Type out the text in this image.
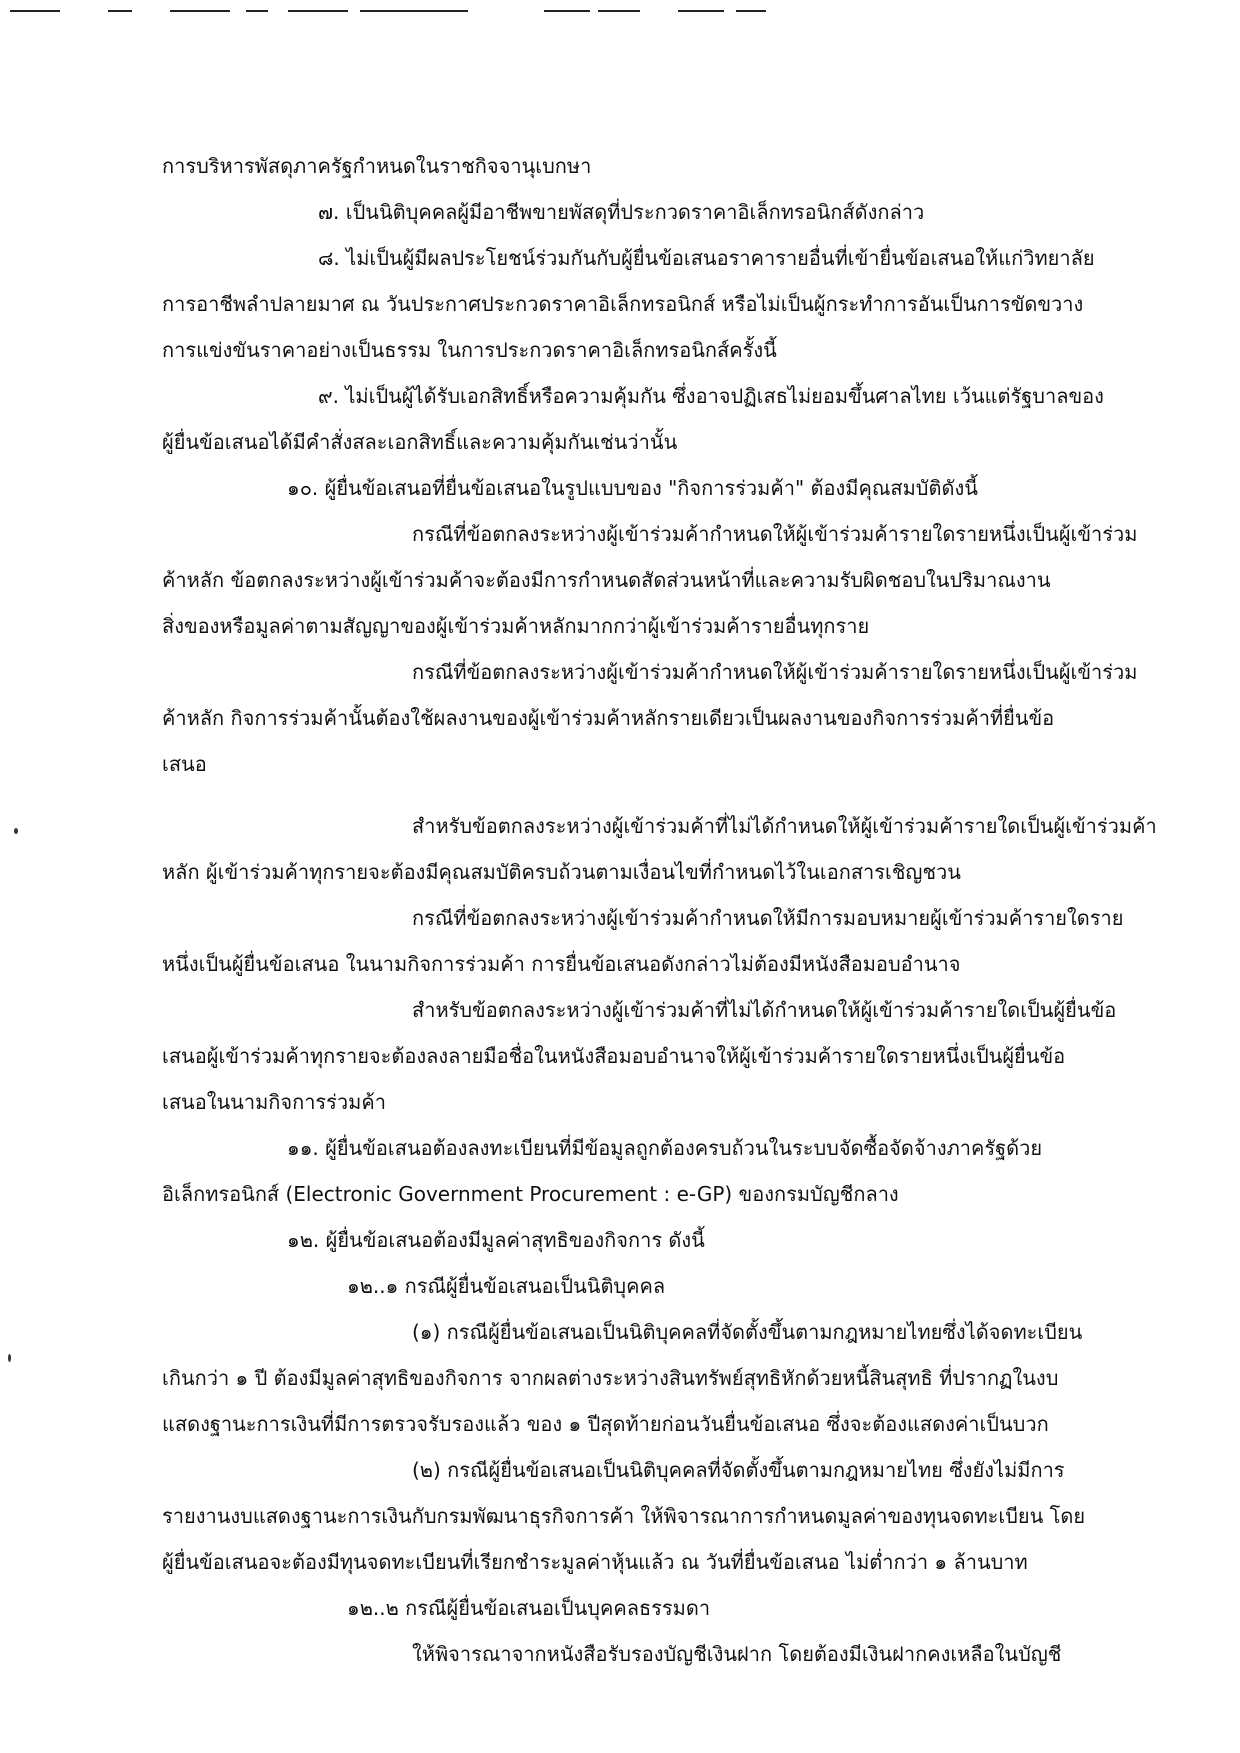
การบริหารพัสดุภาครัฐกำหนดในราชกิจจานุเบกษา
๗. เป็นนิติบุคคลผู้มีอาชีพขายพัสดุที่ประกวดราคาอิเล็กทรอนิกส์ดังกล่าว
๘. ไม่เป็นผู้มีผลประโยชน์ร่วมกันกับผู้ยื่นข้อเสนอราคารายอื่นที่เข้ายื่นข้อเสนอให้แก่วิทยาลัย
การอาชีพลำปลายมาศ ณ วันประกาศประกวดราคาอิเล็กทรอนิกส์ หรือไม่เป็นผู้กระทำการอันเป็นการขัดขวาง
การแข่งขันราคาอย่างเป็นธรรม ในการประกวดราคาอิเล็กทรอนิกส์ครั้งนี้
๙. ไม่เป็นผู้ได้รับเอกสิทธิ์หรือความคุ้มกัน ซึ่งอาจปฏิเสธไม่ยอมขึ้นศาลไทย เว้นแต่รัฐบาลของ
ผู้ยื่นข้อเสนอได้มีคำสั่งสละเอกสิทธิ์และความคุ้มกันเช่นว่านั้น
๑๐. ผู้ยื่นข้อเสนอที่ยื่นข้อเสนอในรูปแบบของ "กิจการร่วมค้า" ต้องมีคุณสมบัติดังนี้
กรณีที่ข้อตกลงระหว่างผู้เข้าร่วมค้ากำหนดให้ผู้เข้าร่วมค้ารายใดรายหนึ่งเป็นผู้เข้าร่วม
ค้าหลัก ข้อตกลงระหว่างผู้เข้าร่วมค้าจะต้องมีการกำหนดสัดส่วนหน้าที่และความรับผิดชอบในปริมาณงาน
สิ่งของหรือมูลค่าตามสัญญาของผู้เข้าร่วมค้าหลักมากกว่าผู้เข้าร่วมค้ารายอื่นทุกราย
กรณีที่ข้อตกลงระหว่างผู้เข้าร่วมค้ากำหนดให้ผู้เข้าร่วมค้ารายใดรายหนึ่งเป็นผู้เข้าร่วม
ค้าหลัก กิจการร่วมค้านั้นต้องใช้ผลงานของผู้เข้าร่วมค้าหลักรายเดียวเป็นผลงานของกิจการร่วมค้าที่ยื่นข้อ
เสนอ
สำหรับข้อตกลงระหว่างผู้เข้าร่วมค้าที่ไม่ได้กำหนดให้ผู้เข้าร่วมค้ารายใดเป็นผู้เข้าร่วมค้า
หลัก ผู้เข้าร่วมค้าทุกรายจะต้องมีคุณสมบัติครบถ้วนตามเงื่อนไขที่กำหนดไว้ในเอกสารเชิญชวน
กรณีที่ข้อตกลงระหว่างผู้เข้าร่วมค้ากำหนดให้มีการมอบหมายผู้เข้าร่วมค้ารายใดราย
หนึ่งเป็นผู้ยื่นข้อเสนอ ในนามกิจการร่วมค้า การยื่นข้อเสนอดังกล่าวไม่ต้องมีหนังสือมอบอำนาจ
สำหรับข้อตกลงระหว่างผู้เข้าร่วมค้าที่ไม่ได้กำหนดให้ผู้เข้าร่วมค้ารายใดเป็นผู้ยื่นข้อ
เสนอผู้เข้าร่วมค้าทุกรายจะต้องลงลายมือชื่อในหนังสือมอบอำนาจให้ผู้เข้าร่วมค้ารายใดรายหนึ่งเป็นผู้ยื่นข้อ
เสนอในนามกิจการร่วมค้า
๑๑. ผู้ยื่นข้อเสนอต้องลงทะเบียนที่มีข้อมูลถูกต้องครบถ้วนในระบบจัดซื้อจัดจ้างภาครัฐด้วย
อิเล็กทรอนิกส์ (Electronic Government Procurement : e-GP) ของกรมบัญชีกลาง
๑๒. ผู้ยื่นข้อเสนอต้องมีมูลค่าสุทธิของกิจการ ดังนี้
๑๒..๑ กรณีผู้ยื่นข้อเสนอเป็นนิติบุคคล
(๑) กรณีผู้ยื่นข้อเสนอเป็นนิติบุคคลที่จัดตั้งขึ้นตามกฎหมายไทยซึ่งได้จดทะเบียน
เกินกว่า ๑ ปี ต้องมีมูลค่าสุทธิของกิจการ จากผลต่างระหว่างสินทรัพย์สุทธิหักด้วยหนี้สินสุทธิ ที่ปรากฏในงบ
แสดงฐานะการเงินที่มีการตรวจรับรองแล้ว ของ ๑ ปีสุดท้ายก่อนวันยื่นข้อเสนอ ซึ่งจะต้องแสดงค่าเป็นบวก
(๒) กรณีผู้ยื่นข้อเสนอเป็นนิติบุคคลที่จัดตั้งขึ้นตามกฎหมายไทย ซึ่งยังไม่มีการ
รายงานงบแสดงฐานะการเงินกับกรมพัฒนาธุรกิจการค้า ให้พิจารณาการกำหนดมูลค่าของทุนจดทะเบียน โดย
ผู้ยื่นข้อเสนอจะต้องมีทุนจดทะเบียนที่เรียกชำระมูลค่าหุ้นแล้ว ณ วันที่ยื่นข้อเสนอ ไม่ต่ำกว่า ๑ ล้านบาท
๑๒..๒ กรณีผู้ยื่นข้อเสนอเป็นบุคคลธรรมดา
ให้พิจารณาจากหนังสือรับรองบัญชีเงินฝาก โดยต้องมีเงินฝากคงเหลือในบัญชี
